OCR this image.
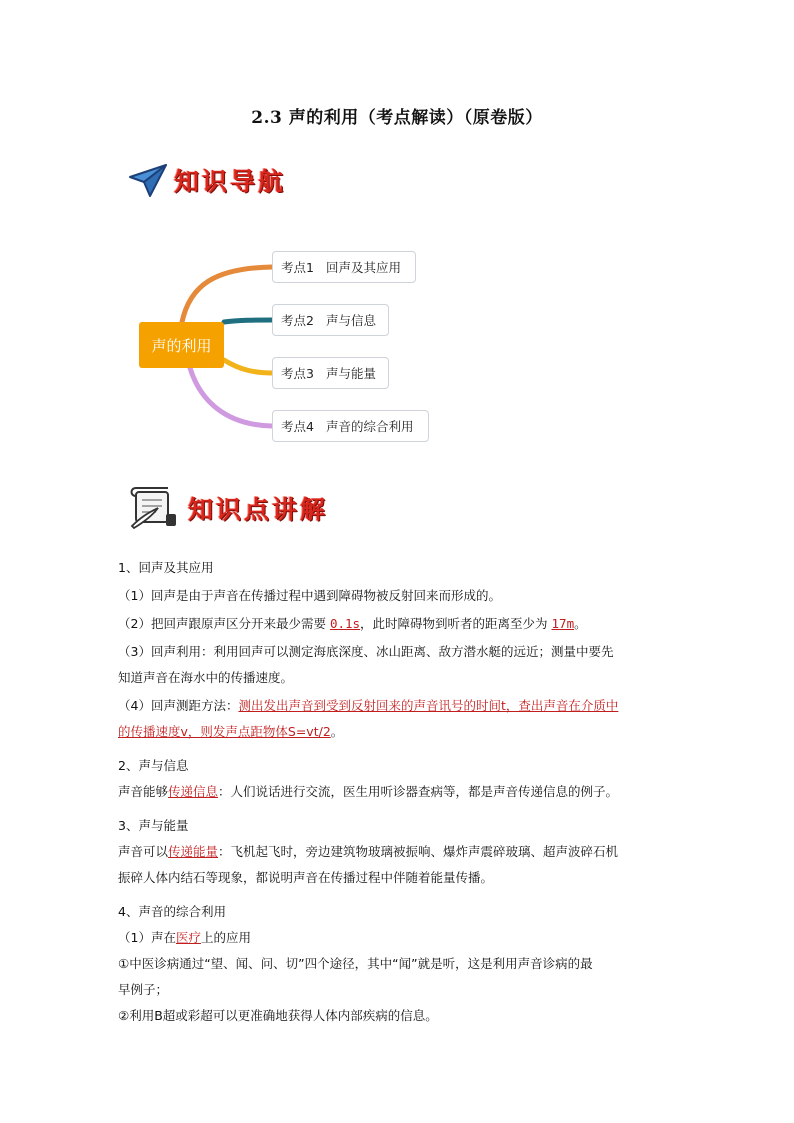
2.3 声的利用（考点解读）（原卷版）
知识导航
声的利用
考点1 回声及其应用
考点2 声与信息
考点3 声与能量
考点4 声音的综合利用
知识点讲解
1、回声及其应用
（1）回声是由于声音在传播过程中遇到障碍物被反射回来而形成的。
（2）把回声跟原声区分开来最少需要 0.1s，此时障碍物到听者的距离至少为 17m。
（3）回声利用：利用回声可以测定海底深度、冰山距离、敌方潜水艇的远近；测量中要先
知道声音在海水中的传播速度。
（4）回声测距方法：测出发出声音到受到反射回来的声音讯号的时间t，查出声音在介质中
的传播速度v，则发声点距物体S=vt/2。
2、声与信息
声音能够传递信息：人们说话进行交流，医生用听诊器查病等，都是声音传递信息的例子。
3、声与能量
声音可以传递能量：飞机起飞时，旁边建筑物玻璃被振响、爆炸声震碎玻璃、超声波碎石机
振碎人体内结石等现象，都说明声音在传播过程中伴随着能量传播。
4、声音的综合利用
（1）声在医疗上的应用
①中医诊病通过“望、闻、问、切”四个途径，其中“闻”就是听，这是利用声音诊病的最
早例子；
②利用B超或彩超可以更准确地获得人体内部疾病的信息。
